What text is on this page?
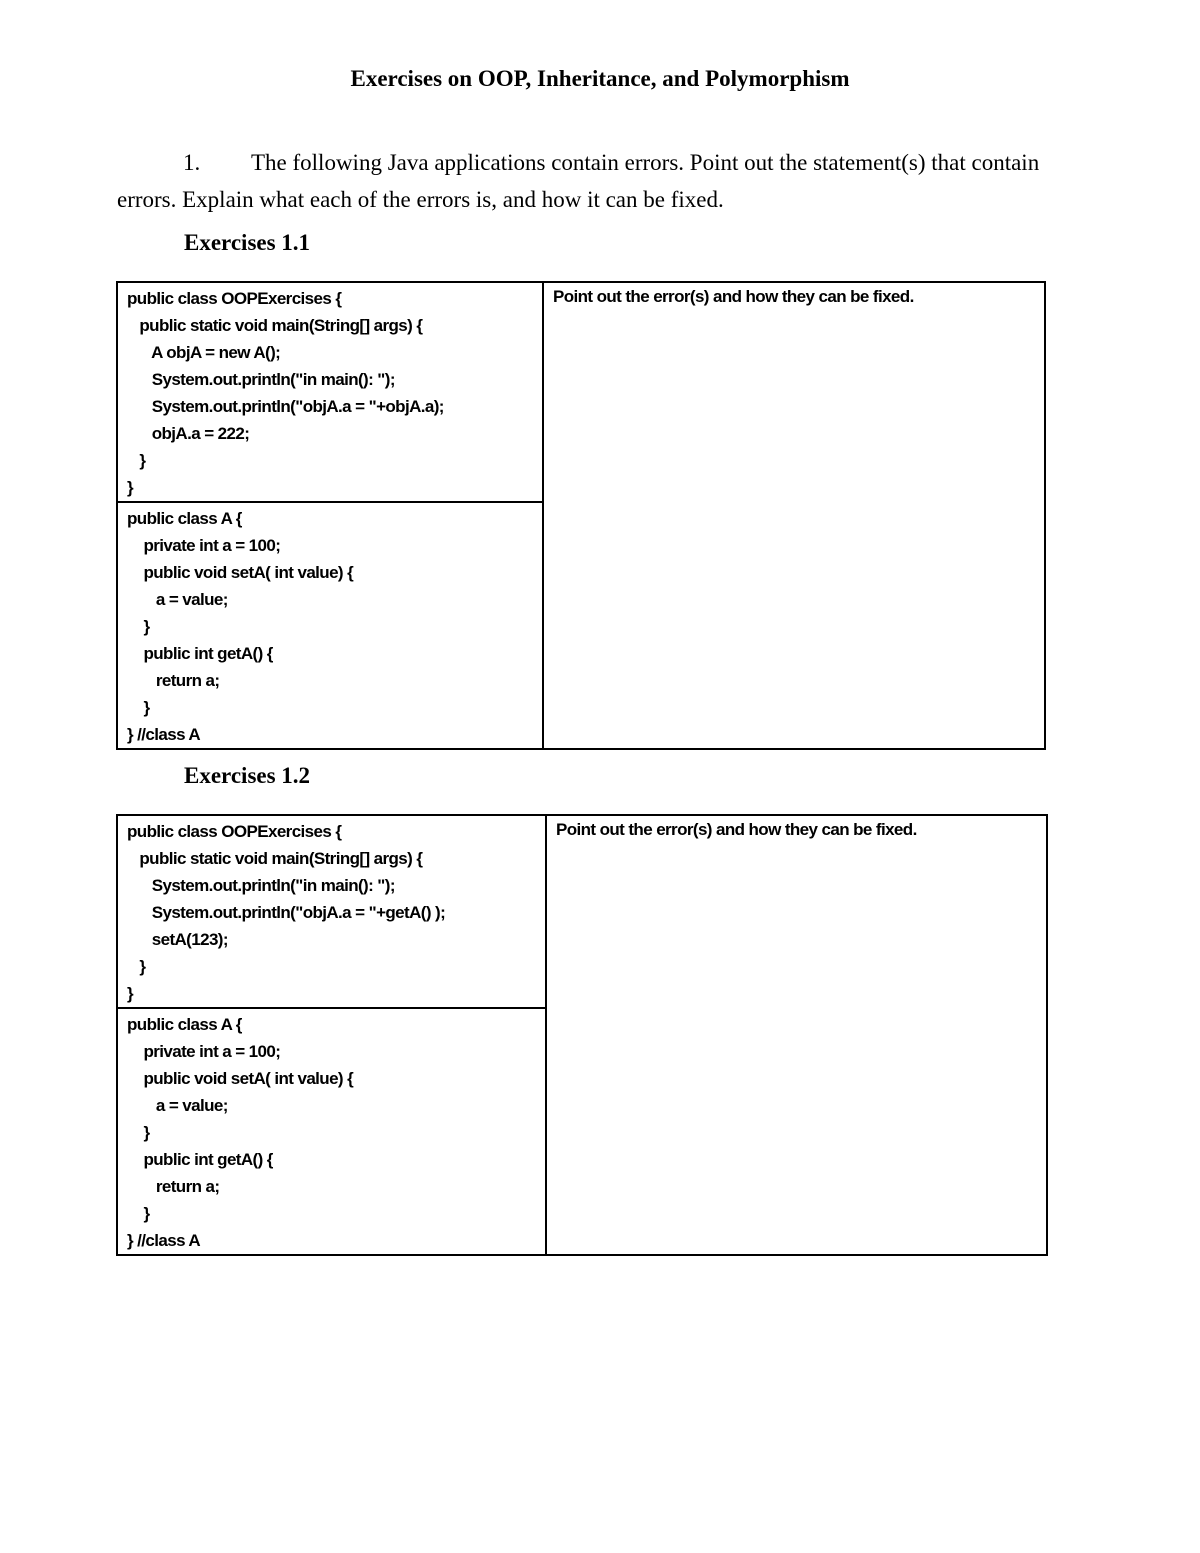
Exercises on OOP, Inheritance, and Polymorphism
1. The following Java applications contain errors. Point out the statement(s) that contain errors. Explain what each of the errors is, and how it can be fixed.
Exercises 1.1
public class OOPExercises {
public static void main(String[] args) {
A objA = new A();
System.out.println("in main(): ");
System.out.println("objA.a = "+objA.a);
objA.a = 222;
}
}	Point out the error(s) and how they can be fixed.
public class A {
private int a = 100;
public void setA( int value) {
a = value;
}
public int getA() {
return a;
}
} //class A
Exercises 1.2
public class OOPExercises {
public static void main(String[] args) {
System.out.println("in main(): ");
System.out.println("objA.a = "+getA() );
setA(123);
}
}	Point out the error(s) and how they can be fixed.
public class A {
private int a = 100;
public void setA( int value) {
a = value;
}
public int getA() {
return a;
}
} //class A
